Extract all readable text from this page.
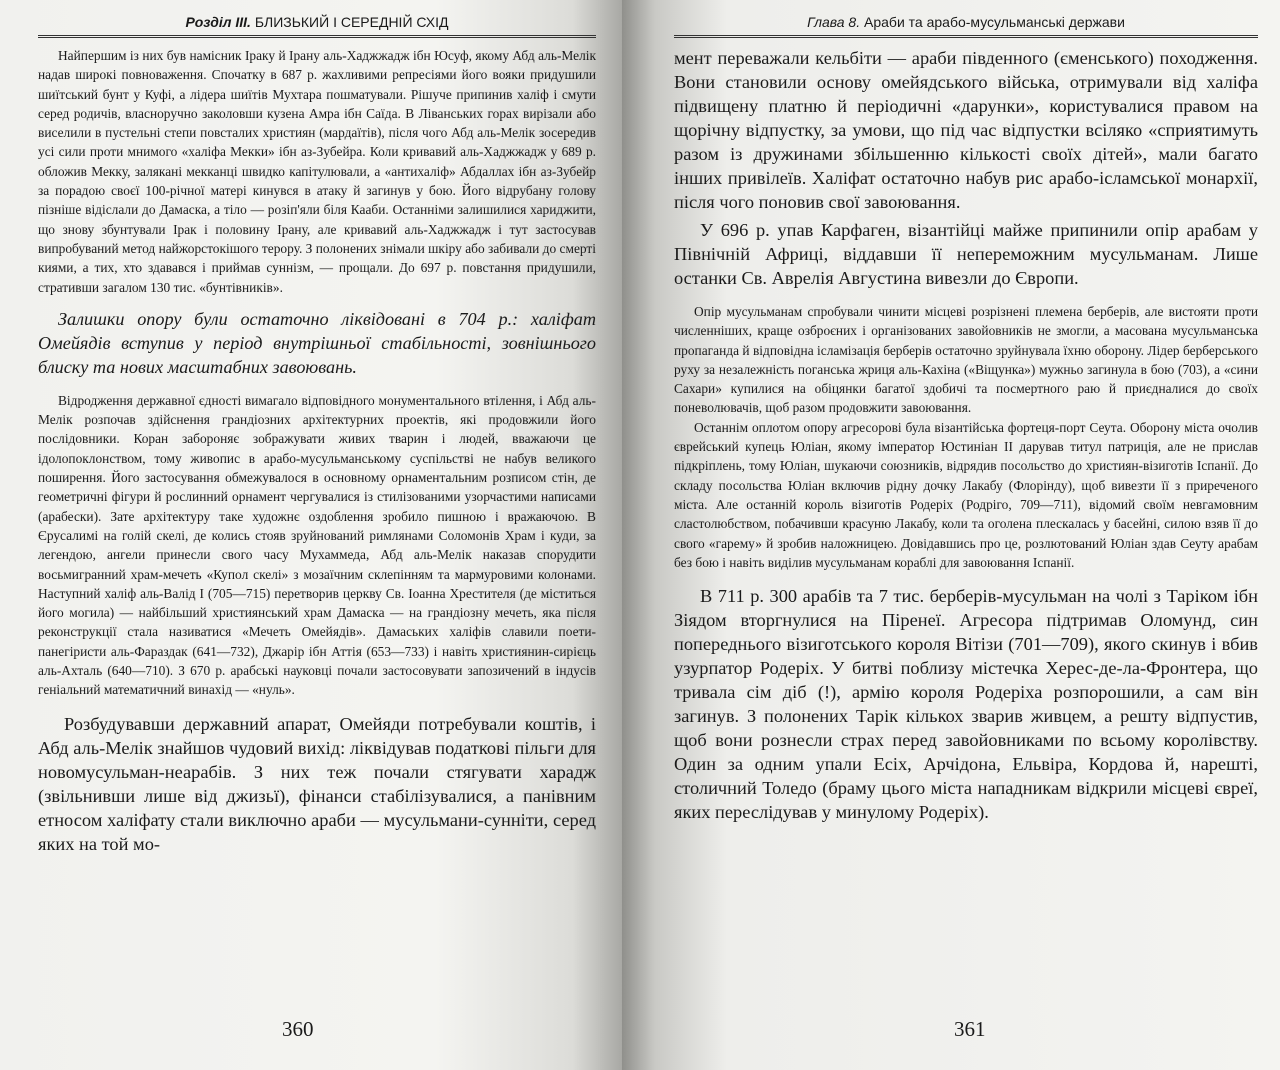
Розділ III. БЛИЗЬКИЙ І СЕРЕДНІЙ СХІД

Найпершим із них був намісник Іраку й Ірану аль-Хаджжадж ібн Юсуф, якому Абд аль-Мелік надав широкі повноваження. Спочатку в 687 р. жахливими репресіями його вояки придушили шиїтський бунт у Куфі, а лідера шиїтів Мухтара пошматували. Рішуче припинив халіф і смути серед родичів, власноручно заколовши кузена Амра ібн Саїда. В Ліванських горах вирізали або виселили в пустельні степи повсталих християн (мардаїтів), після чого Абд аль-Мелік зосередив усі сили проти мнимого «халіфа Мекки» ібн аз-Зубейра. Коли кривавий аль-Хаджжадж у 689 р. обложив Мекку, залякані мекканці швидко капітулювали, а «антихаліф» Абдаллах ібн аз-Зубейр за порадою своєї 100-річної матері кинувся в атаку й загинув у бою. Його відрубану голову пізніше відіслали до Дамаска, а тіло — розіп'яли біля Кааби. Останніми залишилися хариджити, що знову збунтували Ірак і половину Ірану, але кривавий аль-Хаджжадж і тут застосував випробуваний метод найжорстокішого терору. З полонених знімали шкіру або забивали до смерті киями, а тих, хто здавався і приймав суннізм, — прощали. До 697 р. повстання придушили, стративши загалом 130 тис. «бунтівників».

Залишки опору були остаточно ліквідовані в 704 р.: халіфат Омейядів вступив у період внутрішньої стабільності, зовнішнього блиску та нових масштабних завоювань.

Відродження державної єдності вимагало відповідного монументального втілення, і Абд аль-Мелік розпочав здійснення грандіозних архітектурних проектів, які продовжили його послідовники. Коран забороняє зображувати живих тварин і людей, вважаючи це ідолопоклонством, тому живопис в арабо-мусульманському суспільстві не набув великого поширення. Його застосування обмежувалося в основному орнаментальним розписом стін, де геометричні фігури й рослинний орнамент чергувалися із стилізованими узорчастими написами (арабески). Зате архітектуру таке художнє оздоблення зробило пишною і вражаючою. В Єрусалимі на голій скелі, де колись стояв зруйнований римлянами Соломонів Храм і куди, за легендою, ангели принесли свого часу Мухаммеда, Абд аль-Мелік наказав спорудити восьмигранний храм-мечеть «Купол скелі» з мозаїчним склепінням та мармуровими колонами. Наступний халіф аль-Валід I (705—715) перетворив церкву Св. Іоанна Хрестителя (де міститься його могила) — найбільший християнський храм Дамаска — на грандіозну мечеть, яка після реконструкції стала називатися «Мечеть Омейядів». Дамаських халіфів славили поети-панегіристи аль-Фараздак (641—732), Джарір ібн Аттія (653—733) і навіть християнин-сирієць аль-Ахталь (640—710). З 670 р. арабські науковці почали застосовувати запозичений в індусів геніальний математичний винахід — «нуль».

Розбудувавши державний апарат, Омейяди потребували коштів, і Абд аль-Мелік знайшов чудовий вихід: ліквідував податкові пільги для новомусульман-неарабів. З них теж почали стягувати харадж (звільнивши лише від джизьї), фінанси стабілізувалися, а панівним етносом халіфату стали виключно араби — мусульмани-сунніти, серед яких на той мо-

360
Глава 8. Араби та арабо-мусульманські держави

мент переважали кельбіти — араби південного (єменського) походження. Вони становили основу омейядського війська, отримували від халіфа підвищену платню й періодичні «дарунки», користувалися правом на щорічну відпустку, за умови, що під час відпустки всіляко «сприятимуть разом із дружинами збільшенню кількості своїх дітей», мали багато інших привілеїв. Халіфат остаточно набув рис арабо-ісламської монархії, після чого поновив свої завоювання.

У 696 р. упав Карфаген, візантійці майже припинили опір арабам у Північній Африці, віддавши її непереможним мусульманам. Лише останки Св. Аврелія Августина вивезли до Європи.

Опір мусульманам спробували чинити місцеві розрізнені племена берберів, але вистояти проти численніших, краще озброєних і організованих завойовників не змогли, а масована мусульманська пропаганда й відповідна ісламізація берберів остаточно зруйнувала їхню оборону. Лідер берберського руху за незалежність поганська жриця аль-Кахіна («Віщунка») мужньо загинула в бою (703), а «сини Сахари» купилися на обіцянки багатої здобичі та посмертного раю й приєдналися до своїх поневолювачів, щоб разом продовжити завоювання.

Останнім оплотом опору агресорові була візантійська фортеця-порт Сеута. Оборону міста очолив єврейський купець Юліан, якому імператор Юстиніан II дарував титул патриція, але не прислав підкріплень, тому Юліан, шукаючи союзників, відрядив посольство до християн-візиготів Іспанії. До складу посольства Юліан включив рідну дочку Лакабу (Флорінду), щоб вивезти її з приреченого міста. Але останній король візиготів Родеріх (Родріго, 709—711), відомий своїм невгамовним сластолюбством, побачивши красуню Лакабу, коли та оголена плескалась у басейні, силою взяв її до свого «гарему» й зробив наложницею. Довідавшись про це, розлютований Юліан здав Сеуту арабам без бою і навіть видiлив мусульманам кораблі для завоювання Іспанії.

В 711 р. 300 арабів та 7 тис. берберів-мусульман на чолі з Таріком ібн Зіядом вторгнулися на Піренеї. Агресора підтримав Оломунд, син попереднього візиготського короля Вітізи (701—709), якого скинув і вбив узурпатор Родеріх. У битві поблизу містечка Херес-де-ла-Фронтера, що тривала сім діб (!), армію короля Родеріха розпорошили, а сам він загинув. З полонених Тарік кількох зварив живцем, а решту відпустив, щоб вони рознесли страх перед завойовниками по всьому королівству. Один за одним упали Есіх, Арчідона, Ельвіра, Кордова й, нарешті, столичний Толедо (браму цього міста нападникам відкрили місцеві євреї, яких переслідував у минулому Родеріх).

361
